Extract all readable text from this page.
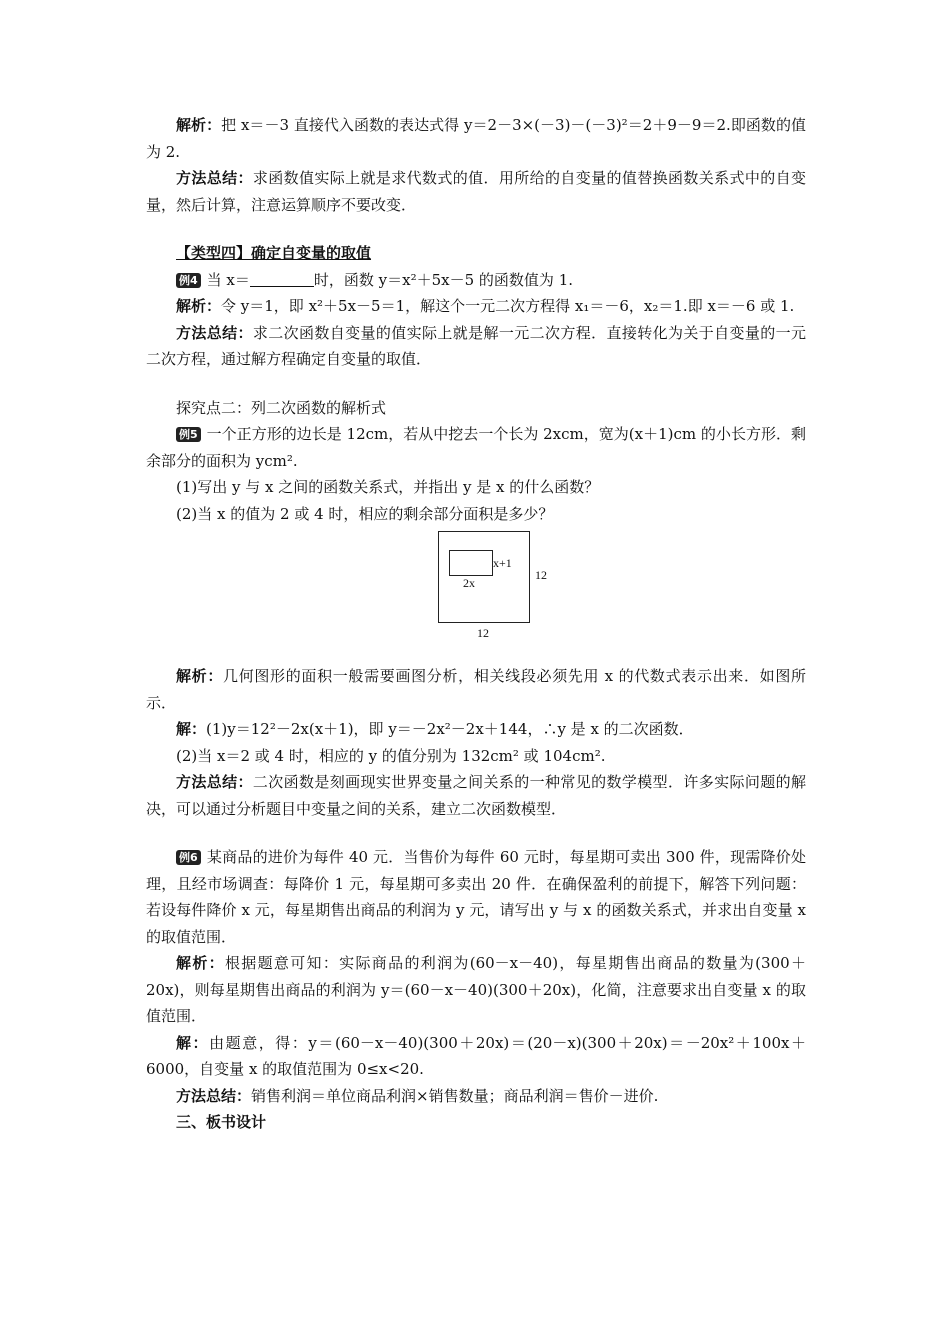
解析：把 x＝－3 直接代入函数的表达式得 y＝2－3×(－3)－(－3)²＝2＋9－9＝2.即函数的值为 2.

方法总结：求函数值实际上就是求代数式的值．用所给的自变量的值替换函数关系式中的自变量，然后计算，注意运算顺序不要改变．

【类型四】确定自变量的取值

例4 当 x＝	时，函数 y＝x²＋5x－5 的函数值为 1.

解析：令 y＝1，即 x²＋5x－5＝1，解这个一元二次方程得 x₁＝－6，x₂＝1.即 x＝－6 或 1.

方法总结：求二次函数自变量的值实际上就是解一元二次方程．直接转化为关于自变量的一元二次方程，通过解方程确定自变量的取值．

探究点二：列二次函数的解析式

例5 一个正方形的边长是 12cm，若从中挖去一个长为 2xcm，宽为(x＋1)cm 的小长方形．剩余部分的面积为 ycm².

(1)写出 y 与 x 之间的函数关系式，并指出 y 是 x 的什么函数？

(2)当 x 的值为 2 或 4 时，相应的剩余部分面积是多少？

x+1
2x
12
12

解析：几何图形的面积一般需要画图分析，相关线段必须先用 x 的代数式表示出来．如图所示．

解：(1)y＝12²－2x(x＋1)，即 y＝－2x²－2x＋144，∴y 是 x 的二次函数．

(2)当 x＝2 或 4 时，相应的 y 的值分别为 132cm² 或 104cm².

方法总结：二次函数是刻画现实世界变量之间关系的一种常见的数学模型．许多实际问题的解决，可以通过分析题目中变量之间的关系，建立二次函数模型．

例6 某商品的进价为每件 40 元．当售价为每件 60 元时，每星期可卖出 300 件，现需降价处理，且经市场调查：每降价 1 元，每星期可多卖出 20 件．在确保盈利的前提下，解答下列问题：若设每件降价 x 元，每星期售出商品的利润为 y 元，请写出 y 与 x 的函数关系式，并求出自变量 x 的取值范围．

解析：根据题意可知：实际商品的利润为(60－x－40)，每星期售出商品的数量为(300＋20x)，则每星期售出商品的利润为 y＝(60－x－40)(300＋20x)，化简，注意要求出自变量 x 的取值范围．

解：由题意，得：y＝(60－x－40)(300＋20x)＝(20－x)(300＋20x)＝－20x²＋100x＋6000，自变量 x 的取值范围为 0≤x<20.

方法总结：销售利润＝单位商品利润×销售数量；商品利润＝售价－进价.

三、板书设计
